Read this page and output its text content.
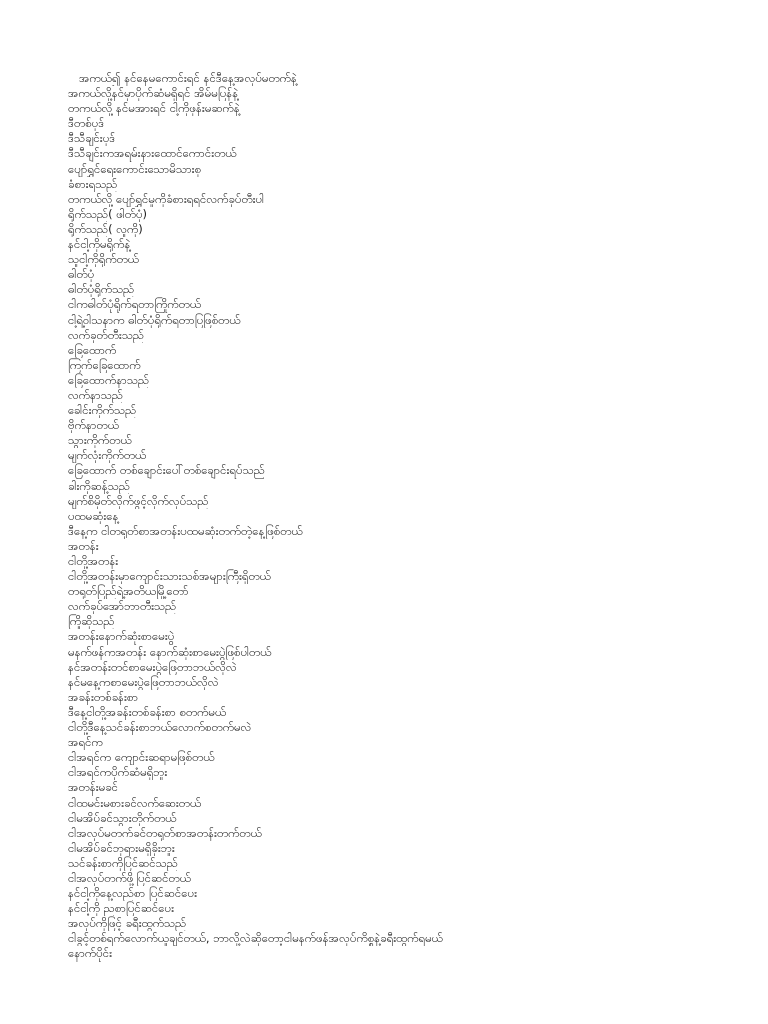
အကယ်၍ နင်နေမကောင်းရင် နင်ဒီနေ့အလုပ်မတက်နဲ့
အကယ်လို့နင်မှာပိုက်ဆံမရှိရင် အိမ်မပြန်နဲ့
တကယ်လို့ နင်မအားရင် ငါ့ကိုဖုန်းမဆက်နဲ့
ဒီတစ်ပုဒ်
ဒီသီချင်းပုဒ်
ဒီသီချင်းကအရမ်းနားထောင်ကောင်းတယ်
ပျော်ရွှင်ရေးကောင်းသောမိသားစု
ခံစားရသည်
တကယ်လို့ ပျော်ရွှင်မှုကိုခံစားရရင်လက်ခုပ်တီးပါ
ရိုက်သည်( ဖါတ်ပုံ)
ရိုက်သည်( လူကို)
နင်ငါ့ကိုမရိုက်နဲ့
သူငါ့ကိုရိုက်တယ်
ဓါတ်ပုံ
ဓါတ်ပုံရိုက်သည်
ငါကဓါတ်ပုံရိုက်ရတာကြိုက်တယ်
ငါ့ရဲ့ဝါသနာက ဓါတ်ပုံရိုက်ရတာပြဖြစ်တယ်
လက်ခုတ်တီးသည်
ခြေထောက်
ကြက်ခြေထောက်
ခြေထောက်နာသည်
လက်နာသည်
ခေါင်းကိုက်သည်
ဗိုက်နာတယ်
သွားကိုက်တယ်
မျက်လုံးကိုက်တယ်
ခြေထောက် တစ်ချောင်းပေါ်တစ်ချောင်းရပ်သည်
ခါးကိုဆန့်သည်
မျက်စိမှိတ်လိုက်ဖွင့်လိုက်လုပ်သည်
ပထမဆုံးနေ့
ဒီနေ့က ငါတရုတ်စာအတန်းပထမဆုံးတက်တဲ့နေ့ဖြစ်တယ်
အတန်း
ငါတို့အတန်း
ငါတို့အတန်းမှာကျောင်းသားသစ်အများကြီးရှိတယ်
တရုတ်ပြည်ရဲ့အတိယမြို့တော်
လက်ခုပ်အော်ဘာတီးသည်
ကြိုဆိုသည်
အတန်းနောက်ဆုံးစာမေးပွဲ
မနက်ဖန်ကအတန်း နောက်ဆုံးစာမေးပွဲဖြစ်ပါတယ်
နင်အတန်းတင်စာမေးပွဲဖြေတာဘယ်လိုလဲ
နင်မနေ့ကစာမေးပွဲဖြေတာဘယ်လိုလဲ
အခန်းတစ်ခန်းစာ
ဒီနေ့ငါတို့အခန်းတစ်ခန်းစာ စတက်မယ်
ငါတို့ဒီနေ့သင်ခန်းစာဘယ်လောက်စတက်မလဲ
အရင်က
ငါအရင်က ကျောင်းဆရာမဖြစ်တယ်
ငါအရင်ကပိုက်ဆံမရှိဘူး
အတန်းမခင်
ငါထမင်းမစားခင်လက်ဆေးတယ်
ငါမအိပ်ခင်သွားတိုက်တယ်
ငါအလုပ်မတက်ခင်တရုတ်စာအတန်းတက်တယ်
ငါမအိပ်ခင်ဘုရားမရှိခိုးဘူး
သင်ခန်းစာကိုပြင်ဆင်သည်
ငါအလုပ်တက်ဖို့ပြင်ဆင်တယ်
နင်ငါ့ကိုနေ့လည်စာ ပြင်ဆင်ပေး
နင်ငါ့ကို ညစာပြင်ဆင်ပေး
အလုပ်ကိုဖြင့် ခရီးထွက်သည်
ငါခွင့်တစ်ရက်လောက်ယူချင်တယ်, ဘာလို့လဲဆိုတော့ငါမနက်ဖန်အလုပ်ကိစ္စနဲ့ခရီးထွက်ရမယ်
နောက်ပိုင်း
